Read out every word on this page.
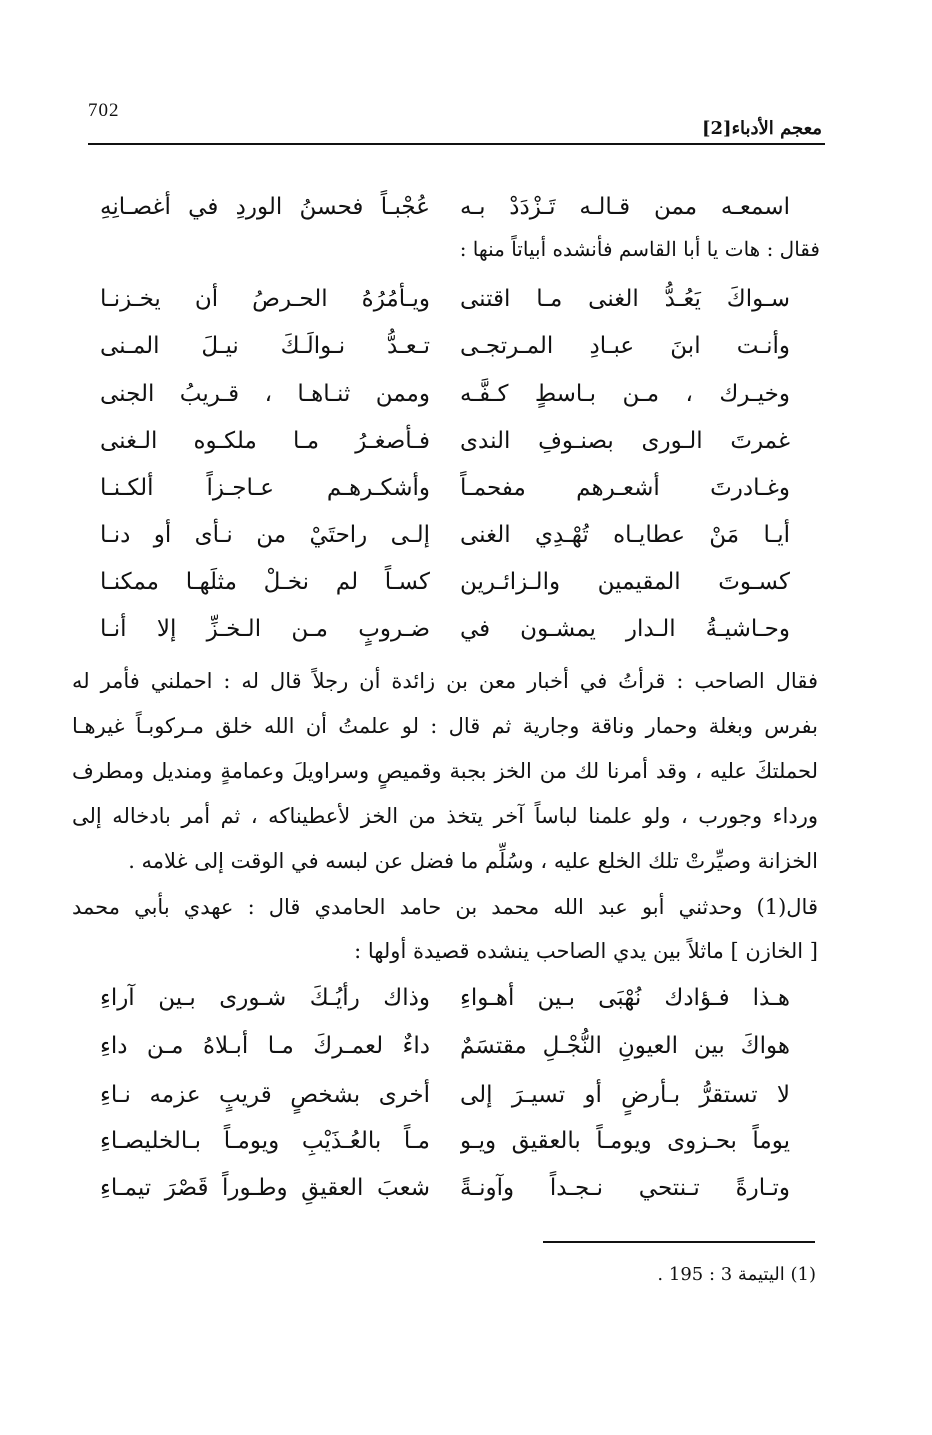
702
معجم الأدباء[2]
اسمعـه ممن قـالـه تَـزْدَدْ بـه
عُجْبـاً فحسنُ الوردِ في أغصـانِهِ
فقال : هات يا أبا القاسم فأنشده أبياتاً منها :
سـواكَ يَعُـدُّ الغنى مـا اقتنى
ويـأمُرُهُ الحـرصُ أن يخـزنـا
وأنـت ابنَ عبـادِ المـرتجـى
تـعـدُّ نـوالَـكَ نيـلَ المـنى
وخيـرك ، مـن بـاسطٍ كـفَّـه
وممن ثنـاهـا ، قـريبُ الجنى
غمرتَ الـورى بصنـوفِ الندى
فـأصغـرُ مـا ملكـوه الـغنى
وغـادرتَ أشعـرهم مفحمـاً
وأشكـرهـم عـاجـزاً ألكـنـا
أيـا مَنْ عطايـاه تُهْـدِي الغنى
إلـى راحتَيْ من نـأى أو دنـا
كسـوتَ المقيمين والـزائـرين
كسـاً لم نخـلْ مثلَهـا ممكنـا
وحـاشيـةُ الـدار يمشـون في
ضـروبٍ مـن الـخـزِّ إلا أنـا
فقال الصاحب : قرأتُ في أخبار معن بن زائدة أن رجلاً قال له : احملني فأمر له
بفرس وبغلة وحمار وناقة وجارية ثم قال : لو علمتُ أن الله خلق مـركوبـاً غيرهـا
لحملتكَ عليه ، وقد أمرنا لك من الخز بجبة وقميصٍ وسراويلَ وعمامةٍ ومنديل ومطرف
ورداء وجورب ، ولو علمنا لباساً آخر يتخذ من الخز لأعطيناكه ، ثم أمر بادخاله إلى
الخزانة وصيِّرتْ تلك الخلع عليه ، وسُلِّم ما فضل عن لبسه في الوقت إلى غلامه .
قال(1) وحدثني أبو عبد الله محمد بن حامد الحامدي قال : عهدي بأبي محمد
[ الخازن ] ماثلاً بين يدي الصاحب ينشده قصيدة أولها :
هـذا فـؤادك نُهْبَى بـين أهـواءِ
وذاك رأيُـكَ شـورى بـين آراءِ
هواكَ بين العيونِ النُّجْـلِ مقتسَمٌ
داءٌ لعمـركَ مـا أبـلاهُ مـن داءِ
لا تستقرُّ بـأرضٍ أو تسيـرَ إلى
أخرى بشخصٍ قريبٍ عزمه نـاءِ
يوماً بحـزوى ويومـاً بالعقيق ويـو
مـاً بالعُـذَيْبِ ويومـاً بـالخليصـاءِ
وتـارةً تـنتحي نـجـداً وآونـةً
شعبَ العقيقِ وطـوراً قَصْرَ تيمـاءِ
(1) اليتيمة 3 : 195 .
